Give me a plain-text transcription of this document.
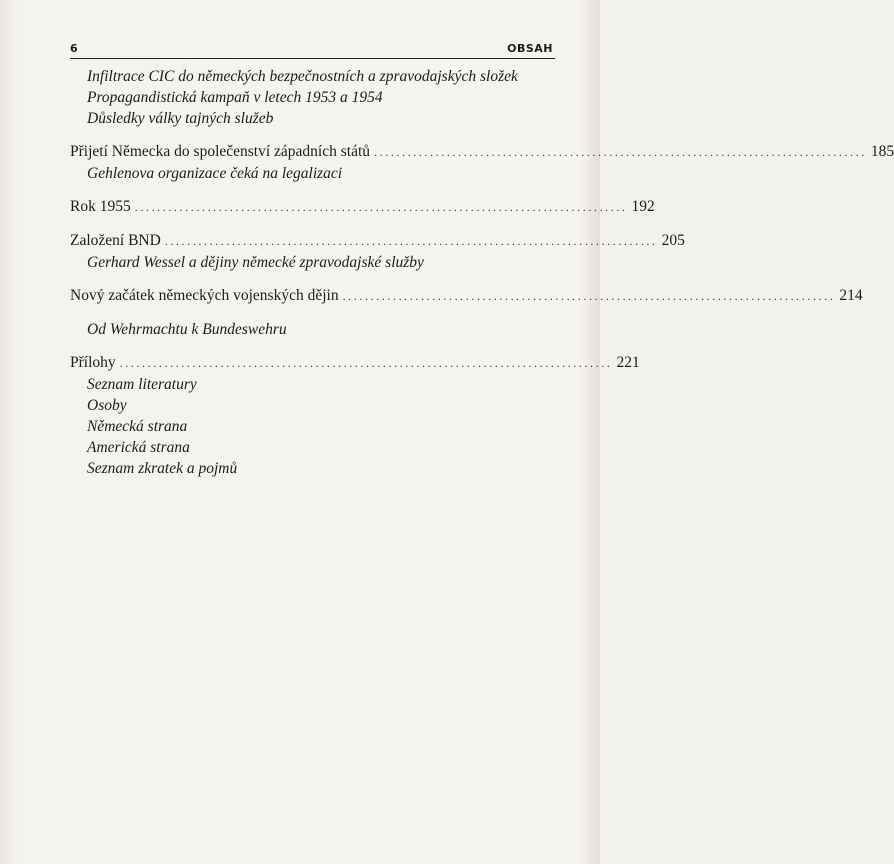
6	OBSAH
Infiltrace CIC do německých bezpečnostních a zpravodajských složek
Propagandistická kampaň v letech 1953 a 1954
Důsledky války tajných služeb
Přijetí Německa do společenství západních států ........................................................................................ 185
Gehlenova organizace čeká na legalizaci
Rok 1955 ........................................................................................ 192
Založení BND ........................................................................................ 205
Gerhard Wessel a dějiny německé zpravodajské služby
Nový začátek německých vojenských dějin ........................................................................................ 214
Od Wehrmachtu k Bundeswehru
Přílohy ........................................................................................ 221
Seznam literatury
Osoby
Německá strana
Americká strana
Seznam zkratek a pojmů
